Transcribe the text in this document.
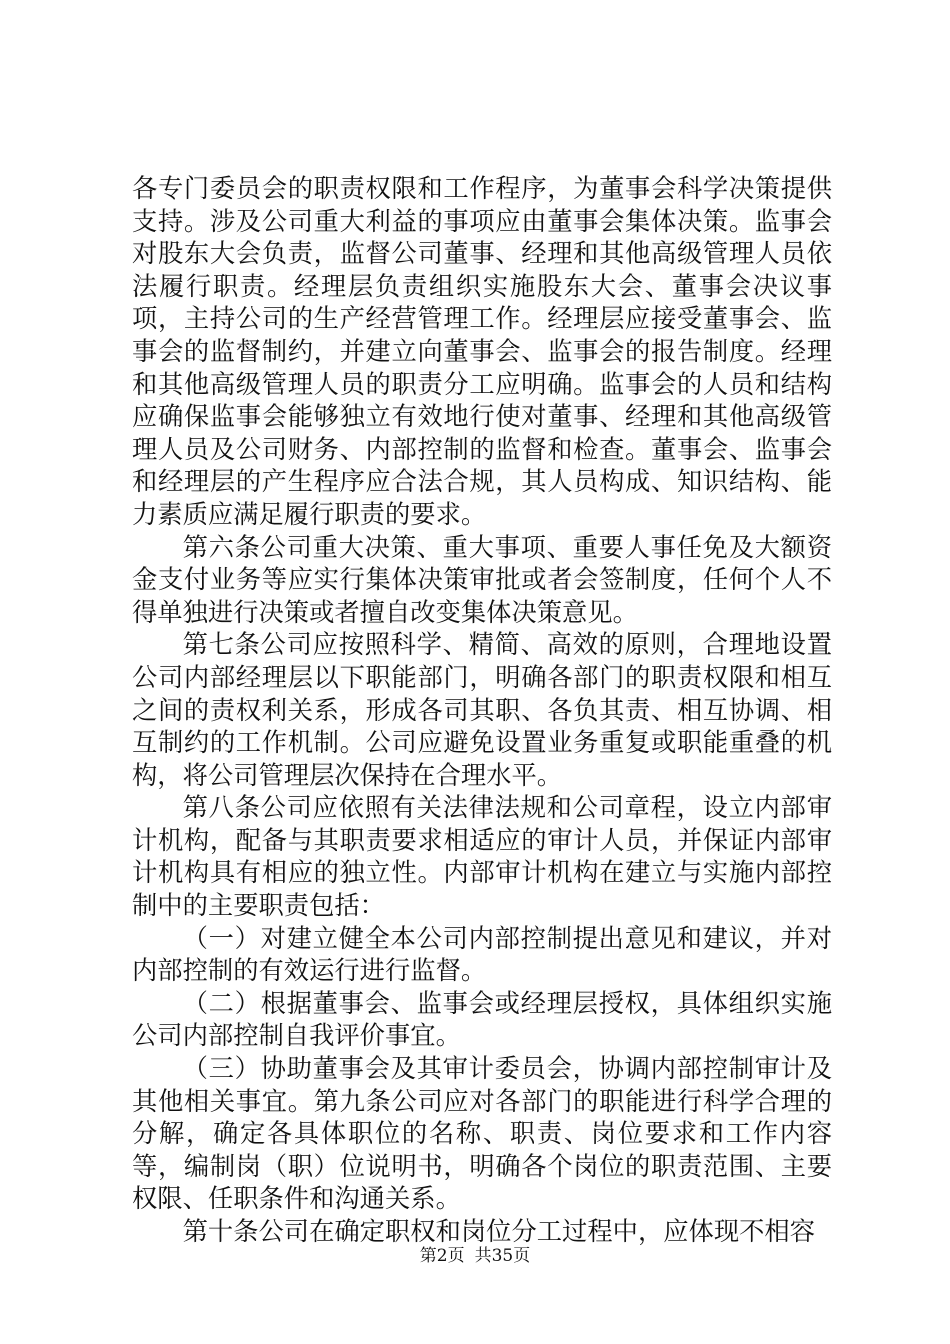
各专门委员会的职责权限和工作程序，为董事会科学决策提供支持。涉及公司重大利益的事项应由董事会集体决策。监事会对股东大会负责，监督公司董事、经理和其他高级管理人员依法履行职责。经理层负责组织实施股东大会、董事会决议事项，主持公司的生产经营管理工作。经理层应接受董事会、监事会的监督制约，并建立向董事会、监事会的报告制度。经理和其他高级管理人员的职责分工应明确。监事会的人员和结构应确保监事会能够独立有效地行使对董事、经理和其他高级管理人员及公司财务、内部控制的监督和检查。董事会、监事会和经理层的产生程序应合法合规，其人员构成、知识结构、能力素质应满足履行职责的要求。

第六条公司重大决策、重大事项、重要人事任免及大额资金支付业务等应实行集体决策审批或者会签制度，任何个人不得单独进行决策或者擅自改变集体决策意见。

第七条公司应按照科学、精简、高效的原则，合理地设置公司内部经理层以下职能部门，明确各部门的职责权限和相互之间的责权利关系，形成各司其职、各负其责、相互协调、相互制约的工作机制。公司应避免设置业务重复或职能重叠的机构，将公司管理层次保持在合理水平。

第八条公司应依照有关法律法规和公司章程，设立内部审计机构，配备与其职责要求相适应的审计人员，并保证内部审计机构具有相应的独立性。内部审计机构在建立与实施内部控制中的主要职责包括：

（一）对建立健全本公司内部控制提出意见和建议，并对内部控制的有效运行进行监督。

（二）根据董事会、监事会或经理层授权，具体组织实施公司内部控制自我评价事宜。

（三）协助董事会及其审计委员会，协调内部控制审计及其他相关事宜。第九条公司应对各部门的职能进行科学合理的分解，确定各具体职位的名称、职责、岗位要求和工作内容等，编制岗（职）位说明书，明确各个岗位的职责范围、主要权限、任职条件和沟通关系。

第十条公司在确定职权和岗位分工过程中，应体现不相容

第2页 共35页
